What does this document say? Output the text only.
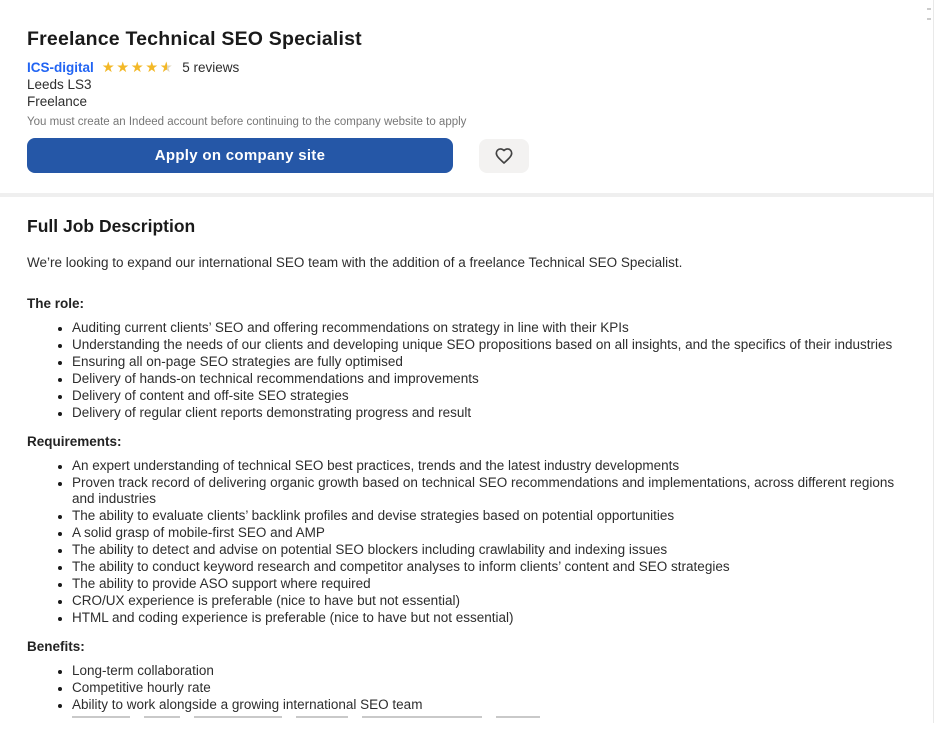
Freelance Technical SEO Specialist
ICS-digital ★ ★ ★ ★ ★ 5 reviews
Leeds LS3
Freelance
You must create an Indeed account before continuing to the company website to apply
Apply on company site
Full Job Description

We’re looking to expand our international SEO team with the addition of a freelance Technical SEO Specialist.

The role:
• Auditing current clients’ SEO and offering recommendations on strategy in line with their KPIs
• Understanding the needs of our clients and developing unique SEO propositions based on all insights, and the specifics of their industries
• Ensuring all on-page SEO strategies are fully optimised
• Delivery of hands-on technical recommendations and improvements
• Delivery of content and off-site SEO strategies
• Delivery of regular client reports demonstrating progress and result
Requirements:
• An expert understanding of technical SEO best practices, trends and the latest industry developments
• Proven track record of delivering organic growth based on technical SEO recommendations and implementations, across different regions and industries
• The ability to evaluate clients’ backlink profiles and devise strategies based on potential opportunities
• A solid grasp of mobile-first SEO and AMP
• The ability to detect and advise on potential SEO blockers including crawlability and indexing issues
• The ability to conduct keyword research and competitor analyses to inform clients’ content and SEO strategies
• The ability to provide ASO support where required
• CRO/UX experience is preferable (nice to have but not essential)
• HTML and coding experience is preferable (nice to have but not essential)
Benefits:
• Long-term collaboration
• Competitive hourly rate
• Ability to work alongside a growing international SEO team
